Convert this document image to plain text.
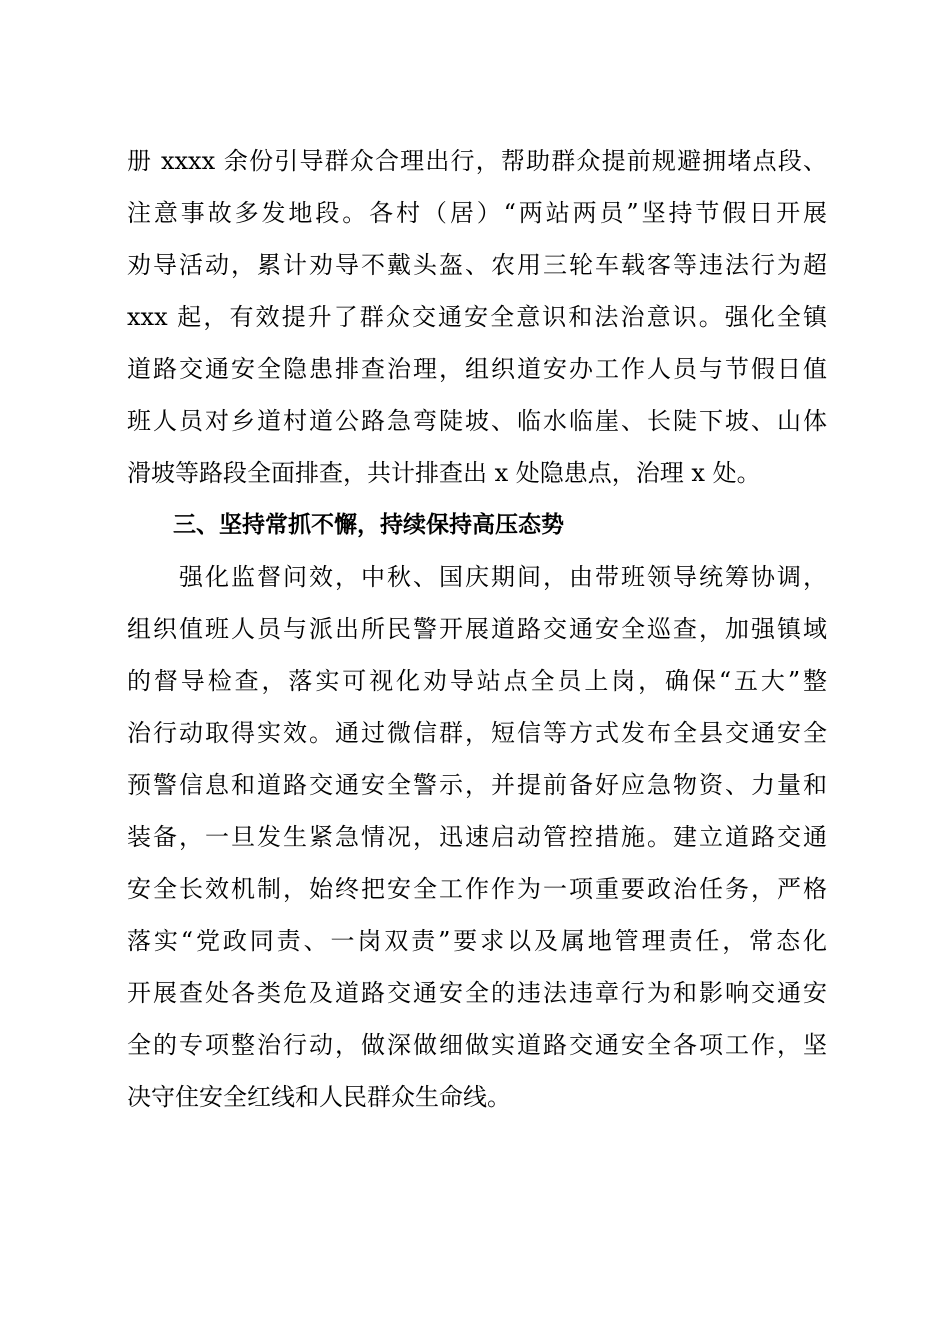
册 xxxx 余份引导群众合理出行，帮助群众提前规避拥堵点段、
注意事故多发地段。各村（居）“两站两员”坚持节假日开展
劝导活动，累计劝导不戴头盔、农用三轮车载客等违法行为超
xxx 起，有效提升了群众交通安全意识和法治意识。强化全镇
道路交通安全隐患排查治理，组织道安办工作人员与节假日值
班人员对乡道村道公路急弯陡坡、临水临崖、长陡下坡、山体
滑坡等路段全面排查，共计排查出 x 处隐患点，治理 x 处。
　　三、坚持常抓不懈，持续保持高压态势
　　强化监督问效，中秋、国庆期间，由带班领导统筹协调，
组织值班人员与派出所民警开展道路交通安全巡查，加强镇域
的督导检查，落实可视化劝导站点全员上岗，确保“五大”整
治行动取得实效。通过微信群，短信等方式发布全县交通安全
预警信息和道路交通安全警示，并提前备好应急物资、力量和
装备，一旦发生紧急情况，迅速启动管控措施。建立道路交通
安全长效机制，始终把安全工作作为一项重要政治任务，严格
落实“党政同责、一岗双责”要求以及属地管理责任，常态化
开展查处各类危及道路交通安全的违法违章行为和影响交通安
全的专项整治行动，做深做细做实道路交通安全各项工作，坚
决守住安全红线和人民群众生命线。
